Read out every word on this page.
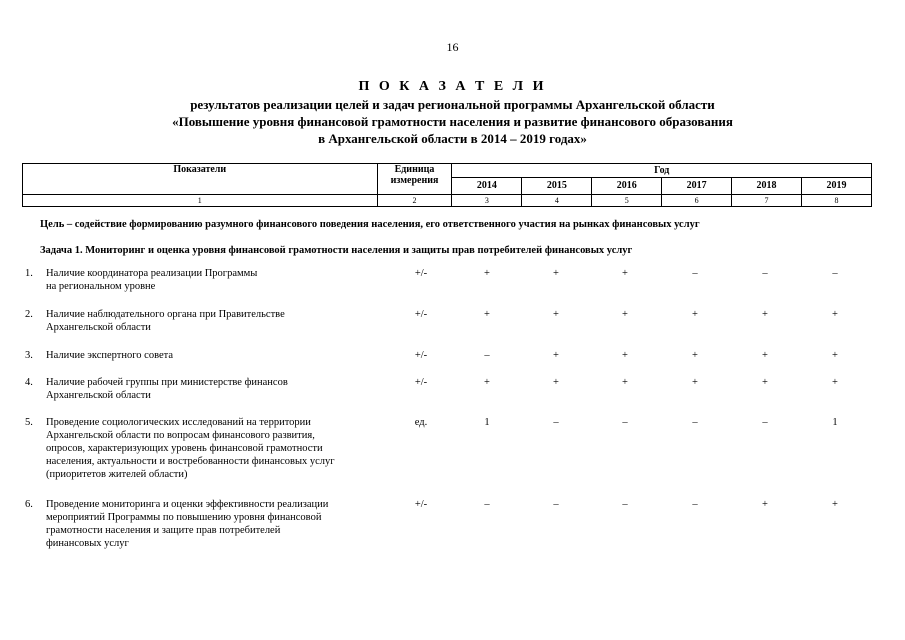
16
П О К А З А Т Е Л И
результатов реализации целей и задач региональной программы Архангельской области
«Повышение уровня финансовой грамотности населения и развитие финансового образования
в Архангельской области в 2014 – 2019 годах»
Показатели	Единица
измерения	Год					
		2014	2015	2016	2017	2018	2019
1	2	3	4	5	6	7	8
Цель – содействие формированию разумного финансового поведения населения, его ответственного участия на рынках финансовых услуг
Задача 1. Мониторинг и оценка уровня финансовой грамотности населения и защиты прав потребителей финансовых услуг
1. Наличие координатора реализации Программы
на региональном уровне
+/-	+	+	+	–	–	–
2. Наличие наблюдательного органа при Правительстве
Архангельской области
+/-	+	+	+	+	+	+
3. Наличие экспертного совета	+/-	–	+	+	+	+	+
4. Наличие рабочей группы при министерстве финансов
Архангельской области
+/-	+	+	+	+	+	+
5. Проведение социологических исследований на территории
Архангельской области по вопросам финансового развития,
опросов, характеризующих уровень финансовой грамотности
населения, актуальности и востребованности финансовых услуг
(приоритетов жителей области)
ед.	1	–	–	–	–	1
6. Проведение мониторинга и оценки эффективности реализации
мероприятий Программы по повышению уровня финансовой
грамотности населения и защите прав потребителей
финансовых услуг
+/-	–	–	–	–	+	+
